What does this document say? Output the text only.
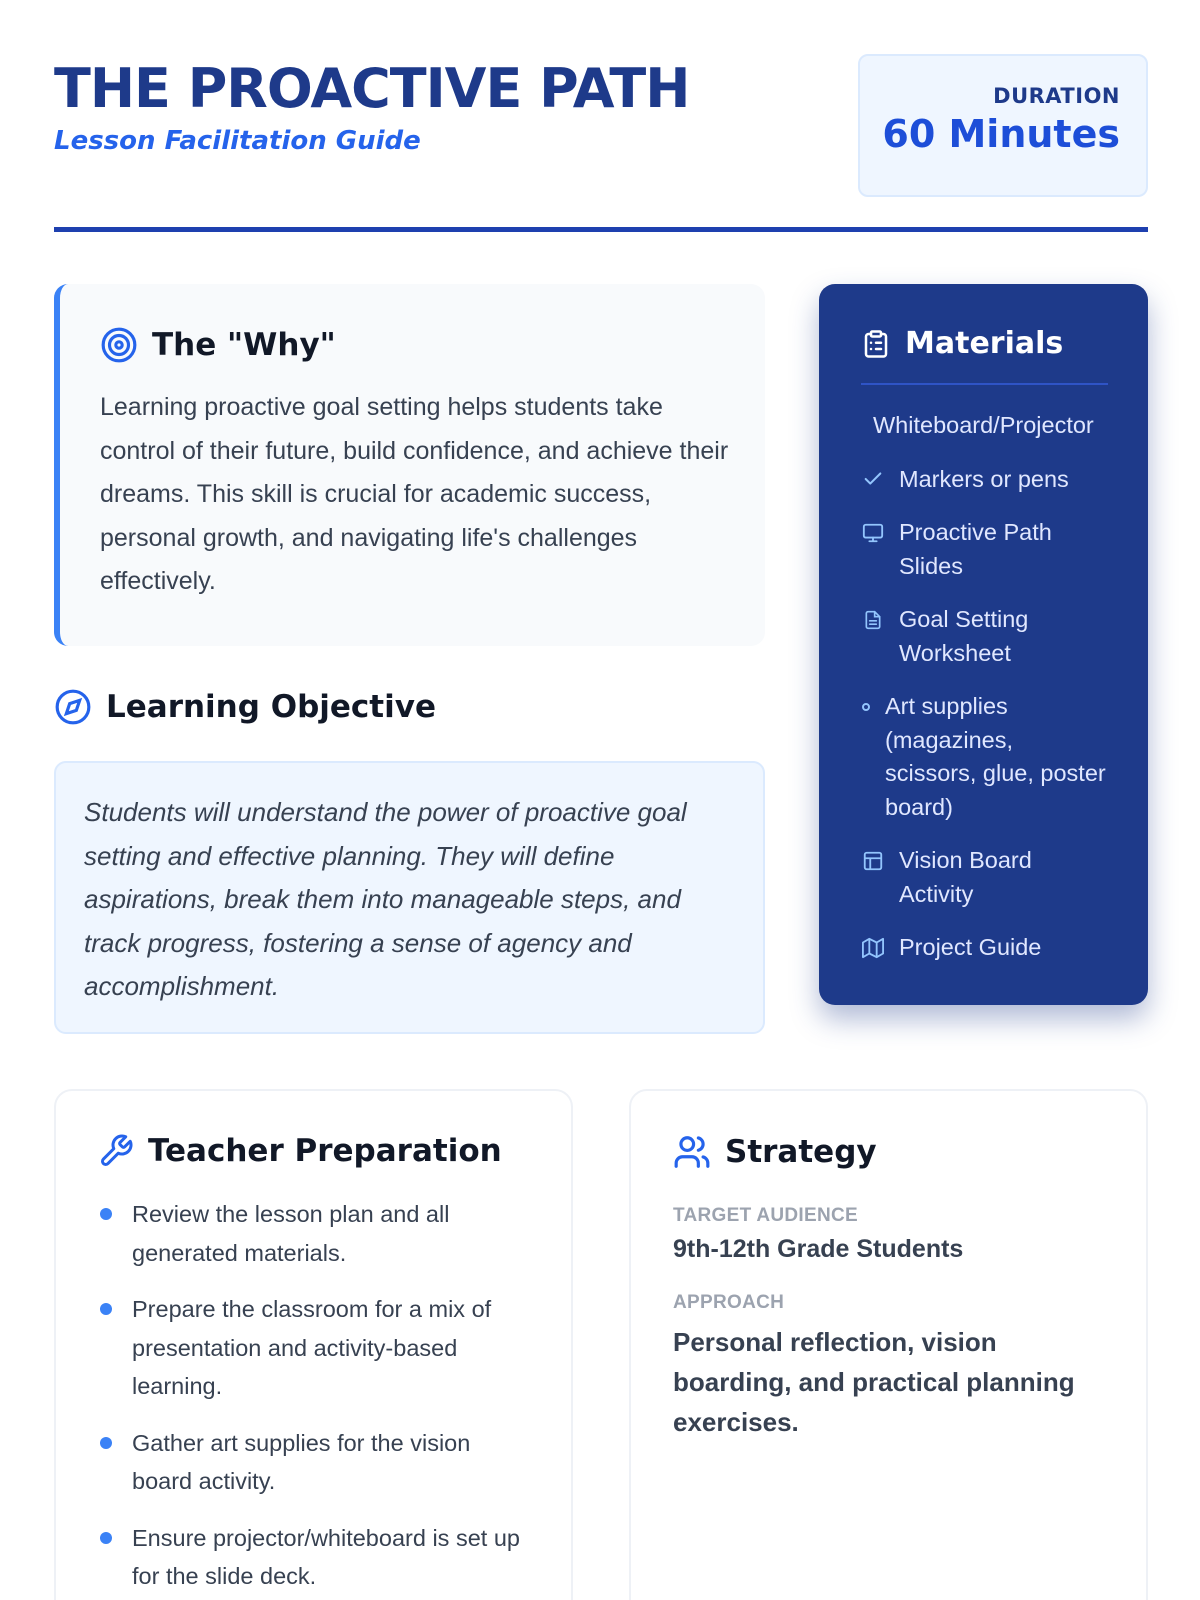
THE PROACTIVE PATH
Lesson Facilitation Guide
DURATION
60 Minutes
The "Why"
Learning proactive goal setting helps students take control of their future, build confidence, and achieve their dreams. This skill is crucial for academic success, personal growth, and navigating life's challenges effectively.
Learning Objective
Students will understand the power of proactive goal setting and effective planning. They will define aspirations, break them into manageable steps, and track progress, fostering a sense of agency and accomplishment.
Materials
Whiteboard/Projector
Markers or pens
Proactive Path Slides
Goal Setting Worksheet
Art supplies (magazines, scissors, glue, poster board)
Vision Board Activity
Project Guide
Teacher Preparation
Review the lesson plan and all generated materials.
Prepare the classroom for a mix of presentation and activity-based learning.
Gather art supplies for the vision board activity.
Ensure projector/whiteboard is set up for the slide deck.
Strategy
TARGET AUDIENCE
9th-12th Grade Students
APPROACH
Personal reflection, vision boarding, and practical planning exercises.
